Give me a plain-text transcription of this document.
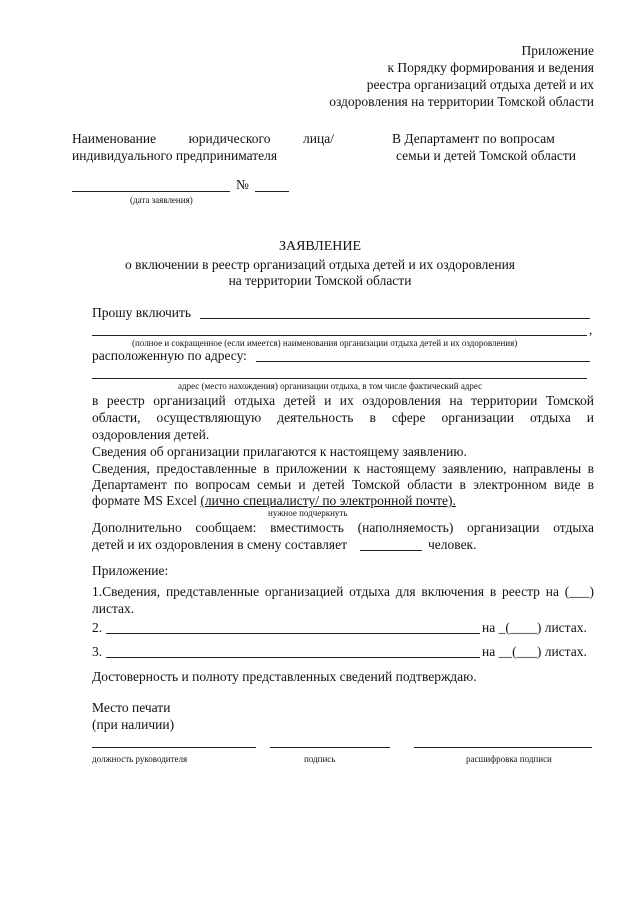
Приложение
к Порядку формирования и ведения
реестра организаций отдыха детей и их
оздоровления на территории Томской области
Наименование юридического лица/
индивидуального предпринимателя
В Департамент по вопросам
семьи и детей Томской области
№
(дата заявления)
ЗАЯВЛЕНИЕ
о включении в реестр организаций отдыха детей и их оздоровления
на территории Томской области
Прошу включить
,
(полное и сокращенное (если имеется) наименования организации отдыха детей и их оздоровления)
расположенную по адресу:
адрес (место нахождения) организации отдыха, в том числе фактический адрес
в реестр организаций отдыха детей и их оздоровления на территории Томской
области, осуществляющую деятельность в сфере организации отдыха и
оздоровления детей.
Сведения об организации прилагаются к настоящему заявлению.
Сведения, предоставленные в приложении к настоящему заявлению, направлены в
Департамент по вопросам семьи и детей Томской области в электронном виде в
формате MS Excel (лично специалисту/ по электронной почте).
нужное подчеркнуть
Дополнительно сообщаем: вместимость (наполняемость) организации отдыха
детей и их оздоровления в смену составляет	человек.
Приложение:
1.Сведения, представленные организацией отдыха для включения в реестр на (___)
листах.
2.	на _(____) листах.
3.	на __(___) листах.
Достоверность и полноту представленных сведений подтверждаю.
Место печати
(при наличии)
должность руководителя	подпись	расшифровка подписи
